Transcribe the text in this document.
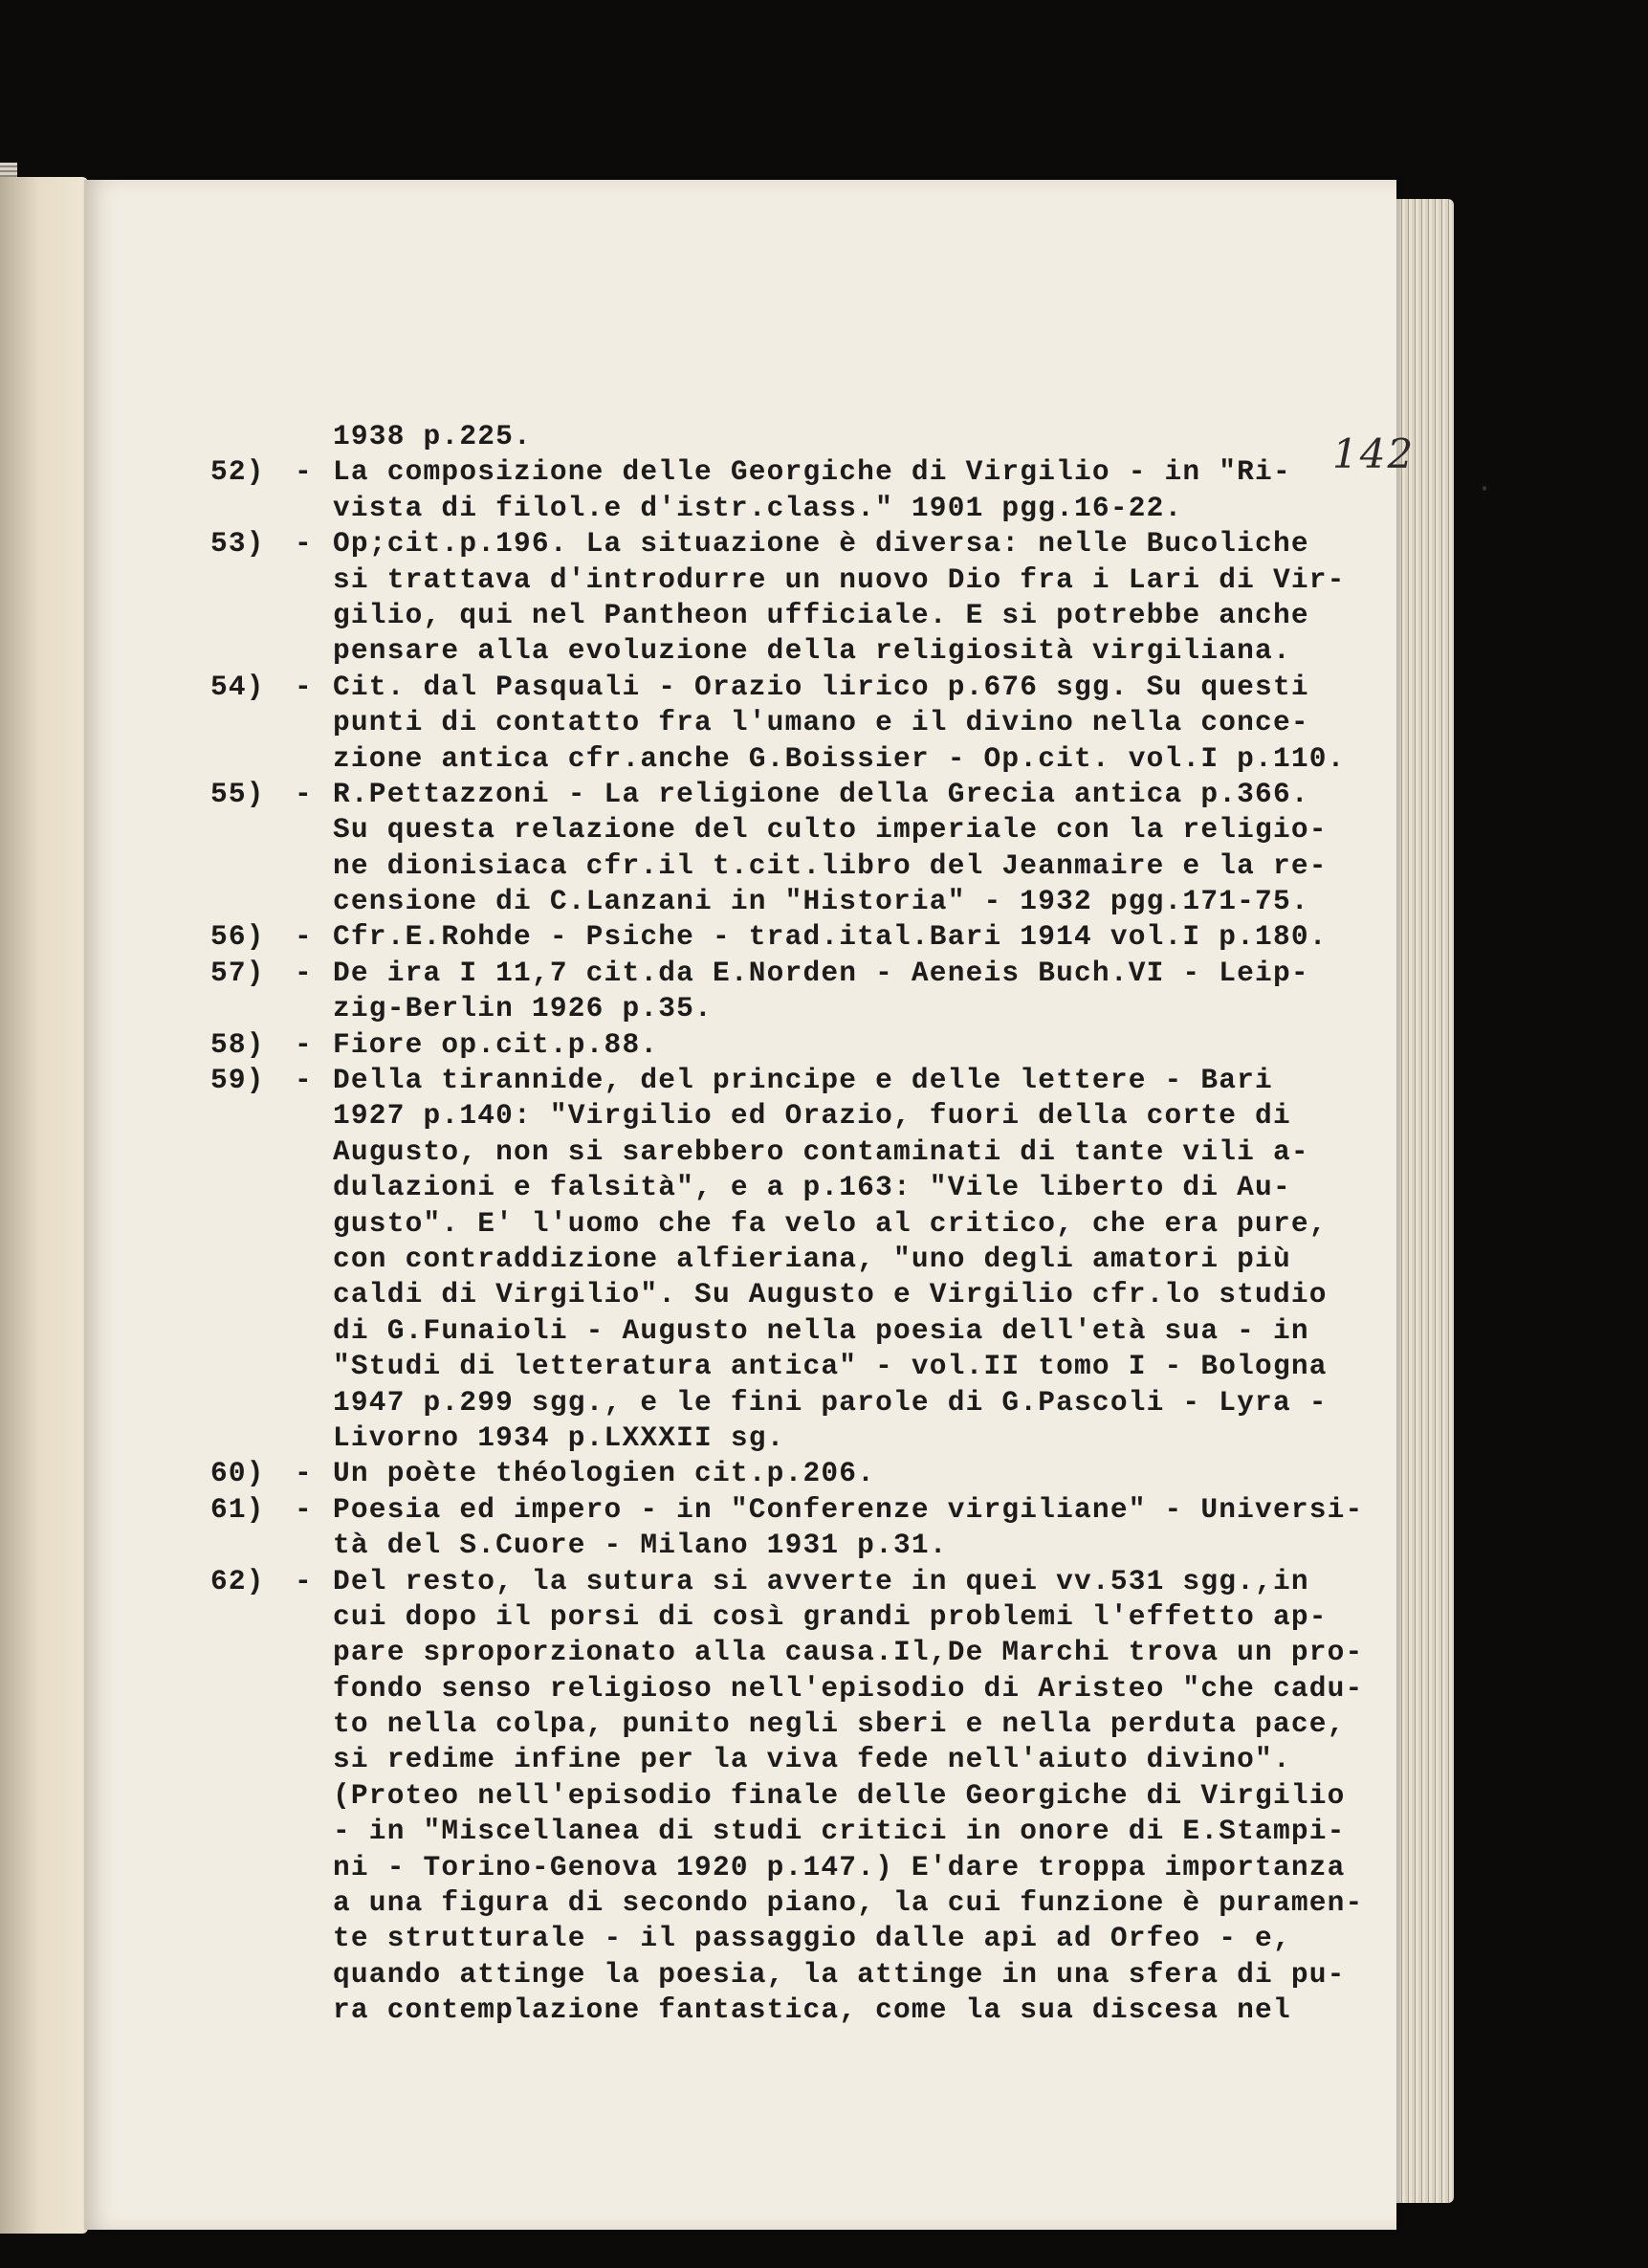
142
1938 p.225.
52) - La composizione delle Georgiche di Virgilio - in "Ri-
vista di filol.e d'istr.class." 1901 pgg.16-22.
53) - Op;cit.p.196. La situazione è diversa: nelle Bucoliche
si trattava d'introdurre un nuovo Dio fra i Lari di Vir-
gilio, qui nel Pantheon ufficiale. E si potrebbe anche
pensare alla evoluzione della religiosità virgiliana.
54) - Cit. dal Pasquali - Orazio lirico p.676 sgg. Su questi
punti di contatto fra l'umano e il divino nella conce-
zione antica cfr.anche G.Boissier - Op.cit. vol.I p.110.
55) - R.Pettazzoni - La religione della Grecia antica p.366.
Su questa relazione del culto imperiale con la religio-
ne dionisiaca cfr.il t.cit.libro del Jeanmaire e la re-
censione di C.Lanzani in "Historia" - 1932 pgg.171-75.
56) - Cfr.E.Rohde - Psiche - trad.ital.Bari 1914 vol.I p.180.
57) - De ira I 11,7 cit.da E.Norden - Aeneis Buch.VI - Leip-
zig-Berlin 1926 p.35.
58) - Fiore op.cit.p.88.
59) - Della tirannide, del principe e delle lettere - Bari
1927 p.140: "Virgilio ed Orazio, fuori della corte di
Augusto, non si sarebbero contaminati di tante vili a-
dulazioni e falsità", e a p.163: "Vile liberto di Au-
gusto". E' l'uomo che fa velo al critico, che era pure,
con contraddizione alfieriana, "uno degli amatori più
caldi di Virgilio". Su Augusto e Virgilio cfr.lo studio
di G.Funaioli - Augusto nella poesia dell'età sua - in
"Studi di letteratura antica" - vol.II tomo I - Bologna
1947 p.299 sgg., e le fini parole di G.Pascoli - Lyra -
Livorno 1934 p.LXXXII sg.
60) - Un poète théologien cit.p.206.
61) - Poesia ed impero - in "Conferenze virgiliane" - Universi-
tà del S.Cuore - Milano 1931 p.31.
62) - Del resto, la sutura si avverte in quei vv.531 sgg.,in
cui dopo il porsi di così grandi problemi l'effetto ap-
pare sproporzionato alla causa.Il,De Marchi trova un pro-
fondo senso religioso nell'episodio di Aristeo "che cadu-
to nella colpa, punito negli sberi e nella perduta pace,
si redime infine per la viva fede nell'aiuto divino".
(Proteo nell'episodio finale delle Georgiche di Virgilio
- in "Miscellanea di studi critici in onore di E.Stampi-
ni - Torino-Genova 1920 p.147.) E'dare troppa importanza
a una figura di secondo piano, la cui funzione è puramen-
te strutturale - il passaggio dalle api ad Orfeo - e,
quando attinge la poesia, la attinge in una sfera di pu-
ra contemplazione fantastica, come la sua discesa nel
